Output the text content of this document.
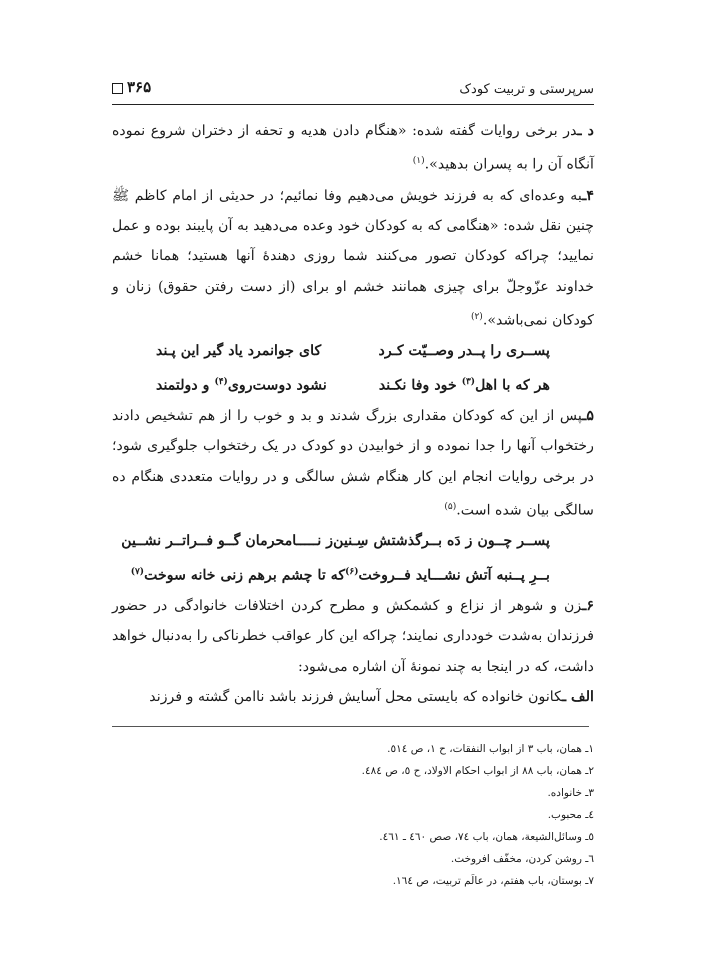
سرپرستی و تربیت کودک
۳۶۵

د ـدر برخی روایات گفته شده: «هنگام دادن هدیه و تحفه از دختران شروع نموده آنگاه آن را به پسران بدهید».$^{(۱)}$

۴ـبه وعده‌ای که به فرزند خویش می‌دهیم وفا نمائیم؛ در حدیثی از امام کاظم ﷺ چنین نقل شده: «هنگامی که به کودکان خود وعده می‌دهید به آن پایبند بوده و عمل نمایید؛ چراکه کودکان تصور می‌کنند شما روزی دهندهٔ آنها هستید؛ همانا خشم خداوند عزّوجلّ برای چیزی همانند خشم او برای (از دست رفتن حقوق) زنان و کودکان نمی‌باشد».$^{(۲)}$

پســری را پــدر وصــیّت کـرد
کای جوانمرد یاد گیر این پـند
هر که با اهل$^{(۳)}$ خود وفا نکـند
نشود دوست‌روی$^{(۴)}$ و دولتمند

۵ـپس از این که کودکان مقداری بزرگ شدند و بد و خوب را از هم تشخیص دادند رختخواب آنها را جدا نموده و از خوابیدن دو کودک در یک رختخواب جلوگیری شود؛ در برخی روایات انجام این کار هنگام شش سالگی و در روایات متعددی هنگام ده سالگی بیان شده است.$^{(۵)}$

پســر چــون ز دَه بــرگذشتش سِـنین
ز نـــــامحرمان گــو فــراتــر نشــین
بــرِ پــنبه آتش نشـــاید فــروخت$^{(۶)}$
که تا چشم برهم زنی خانه سوخت$^{(۷)}$

۶ـزن و شوهر از نزاع و کشمکش و مطرح کردن اختلافات خانوادگی در حضور فرزندان به‌شدت خودداری نمایند؛ چراکه این کار عواقب خطرناکی را به‌دنبال خواهد داشت، که در اینجا به چند نمونهٔ آن اشاره می‌شود:

الف ـکانون خانواده که بایستی محل آسایش فرزند باشد ناامن گشته و فرزند

۱ـ همان، باب ۳ از ابواب النفقات، ح ۱، ص ٥١٤.
۲ـ همان، باب ۸۸ از ابواب احکام الاولاد، ح ٥، ص ٤٨٤.
۳ـ خانواده.
٤ـ محبوب.
٥ـ وسائل‌الشیعة، همان، باب ٧٤، صص ٤٦٠ ـ ٤٦١.
٦ـ روشن کردن، مخفّف افروخت.
٧ـ بوستان، باب هفتم، در عالَم تربیت، ص ١٦٤.
